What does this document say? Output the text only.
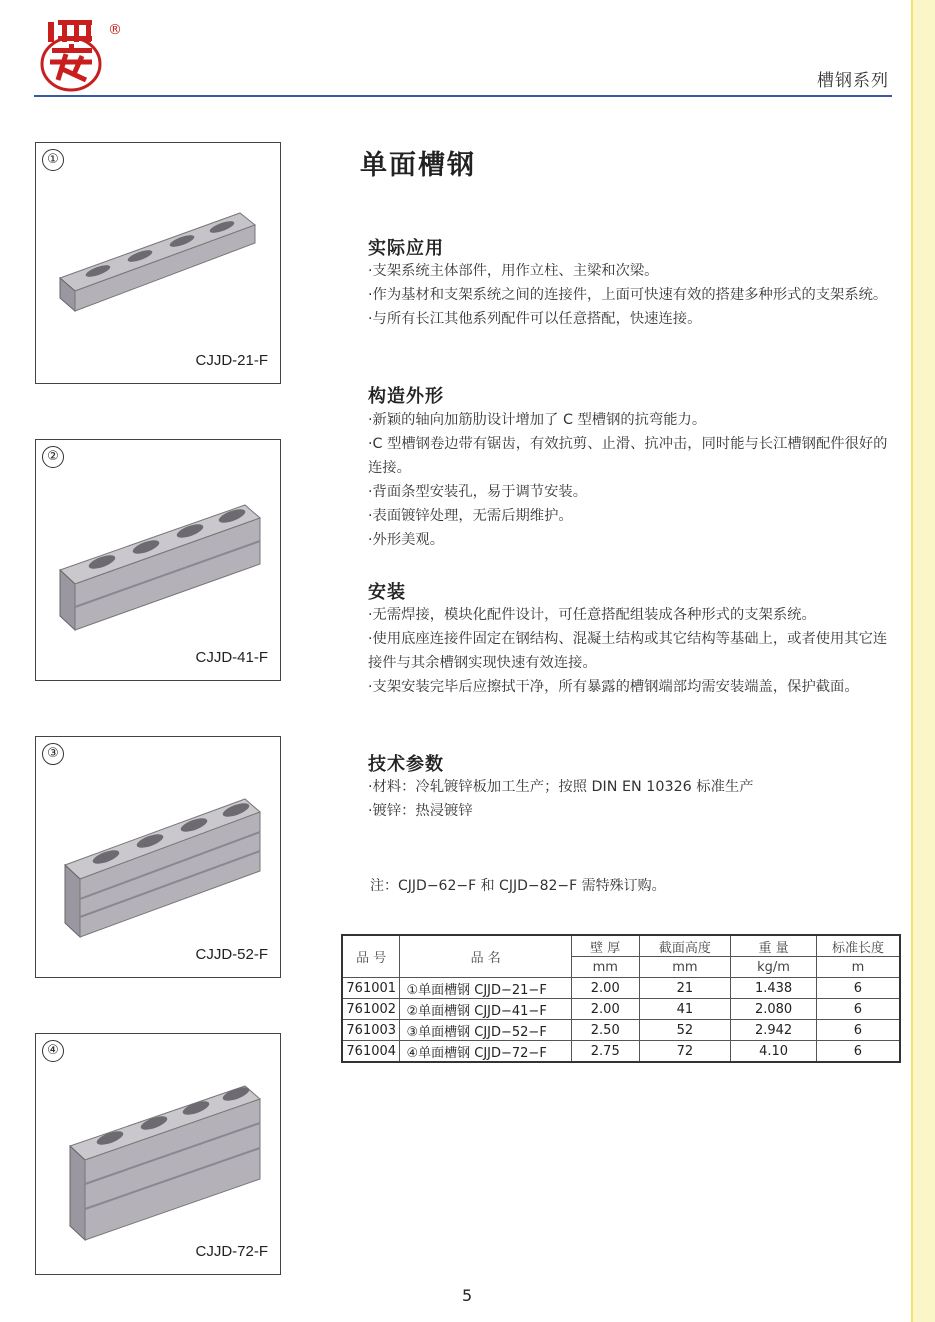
®
槽钢系列
①
CJJD-21-F
②
CJJD-41-F
③
CJJD-52-F
④
CJJD-72-F
单面槽钢
实际应用
·支架系统主体部件，用作立柱、主梁和次梁。
·作为基材和支架系统之间的连接件，上面可快速有效的搭建多种形式的支架系统。
·与所有长江其他系列配件可以任意搭配，快速连接。
构造外形
·新颖的轴向加筋肋设计增加了 C 型槽钢的抗弯能力。
·C 型槽钢卷边带有锯齿，有效抗剪、止滑、抗冲击，同时能与长江槽钢配件很好的连接。
·背面条型安装孔，易于调节安装。
·表面镀锌处理，无需后期维护。
·外形美观。
安装
·无需焊接，模块化配件设计，可任意搭配组装成各种形式的支架系统。
·使用底座连接件固定在钢结构、混凝土结构或其它结构等基础上，或者使用其它连接件与其余槽钢实现快速有效连接。
·支架安装完毕后应擦拭干净，所有暴露的槽钢端部均需安装端盖，保护截面。
技术参数
·材料：冷轧镀锌板加工生产；按照 DIN EN 10326 标准生产
·镀锌：热浸镀锌
注：CJJD−62−F 和 CJJD−82−F 需特殊订购。
品 号	品 名	壁 厚	截面高度	重 量	标准长度
		mm	mm	kg/m	m
761001	①单面槽钢 CJJD−21−F	2.00	21	1.438	6
761002	②单面槽钢 CJJD−41−F	2.00	41	2.080	6
761003	③单面槽钢 CJJD−52−F	2.50	52	2.942	6
761004	④单面槽钢 CJJD−72−F	2.75	72	4.10	6
5
